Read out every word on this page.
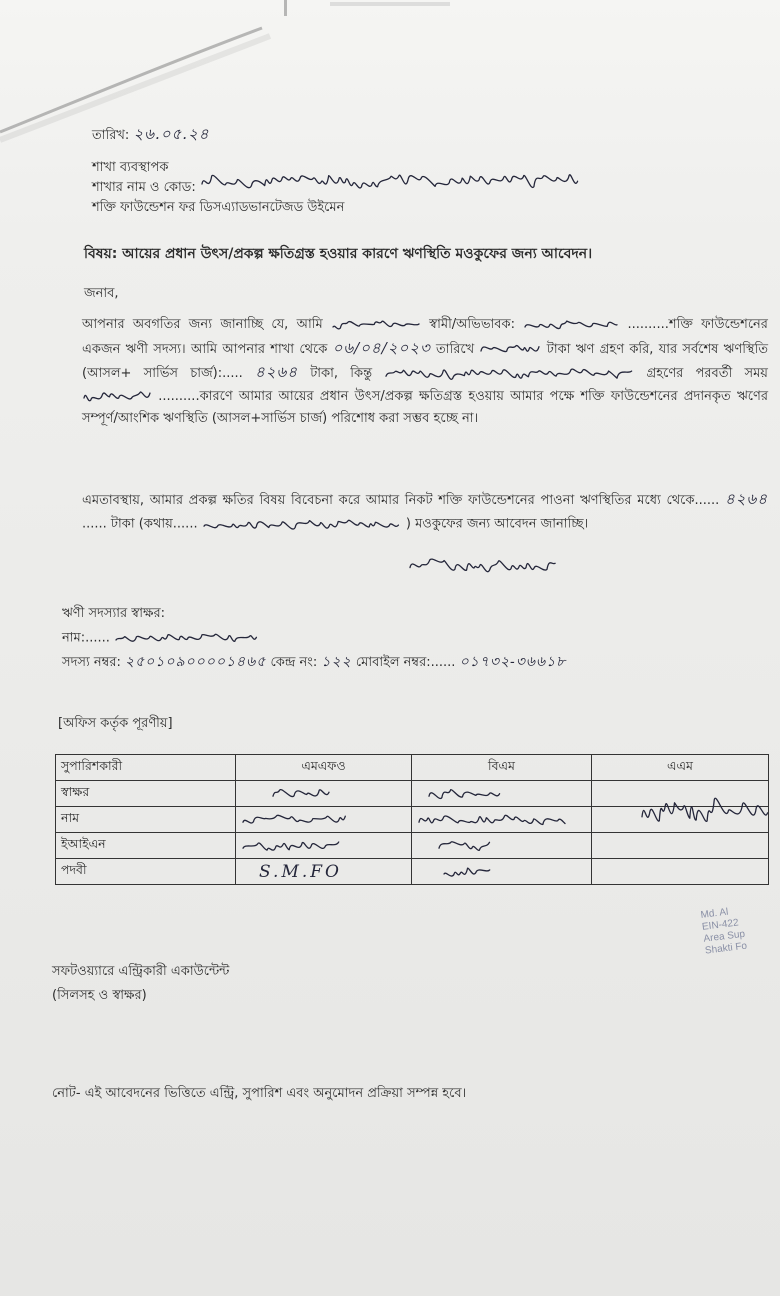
তারিখ: ২৬.০৫.২৪
শাখা ব্যবস্থাপক
শাখার নাম ও কোড:
শক্তি ফাউন্ডেশন ফর ডিসএ্যাডভানটেজড উইমেন
বিষয়: আয়ের প্রধান উৎস/প্রকল্প ক্ষতিগ্রস্ত হওয়ার কারণে ঋণস্থিতি মওকুফের জন্য আবেদন।
জনাব,
আপনার অবগতির জন্য জানাচ্ছি যে, আমি	স্বামী/অভিভাবক:	..........শক্তি ফাউন্ডেশনের একজন ঋণী সদস্য। আমি আপনার শাখা থেকে ০৬/০৪/২০২৩ তারিখে	টাকা ঋণ গ্রহণ করি, যার সর্বশেষ ঋণস্থিতি (আসল+ সার্ভিস চার্জ):..... ৪২৬৪ টাকা, কিন্তু	গ্রহণের পরবর্তী সময়  ..........কারণে আমার আয়ের প্রধান উৎস/প্রকল্প ক্ষতিগ্রস্ত হওয়ায় আমার পক্ষে শক্তি ফাউন্ডেশনের প্রদানকৃত ঋণের সম্পূর্ণ/আংশিক ঋণস্থিতি (আসল+সার্ভিস চার্জ) পরিশোধ করা সম্ভব হচ্ছে না।
এমতাবস্থায়, আমার প্রকল্প ক্ষতির বিষয় বিবেচনা করে আমার নিকট শক্তি ফাউন্ডেশনের পাওনা ঋণস্থিতির মধ্যে থেকে...... ৪২৬৪ ...... টাকা (কথায়......	) মওকুফের জন্য আবেদন জানাচ্ছি।
ঋণী সদস্যার স্বাক্ষর:
নাম:......
সদস্য নম্বর: ২৫০১০৯০০০০১৪৬৫ কেন্দ্র নং: ১২২ মোবাইল নম্বর:...... ০১৭৩২-৩৬৬১৮
[অফিস কর্তৃক পূরণীয়]
সুপারিশকারী	এমএফও	বিএম	এএম
স্বাক্ষর			
নাম			
ইআইএন			
পদবী	S.M.FO		
Md. Al
EIN-422
Area Sup
Shakti Fo
সফটওয়্যারে এন্ট্রিকারী একাউন্টেন্ট
(সিলসহ ও স্বাক্ষর)
নোট- এই আবেদনের ভিত্তিতে এন্ট্রি, সুপারিশ এবং অনুমোদন প্রক্রিয়া সম্পন্ন হবে।
